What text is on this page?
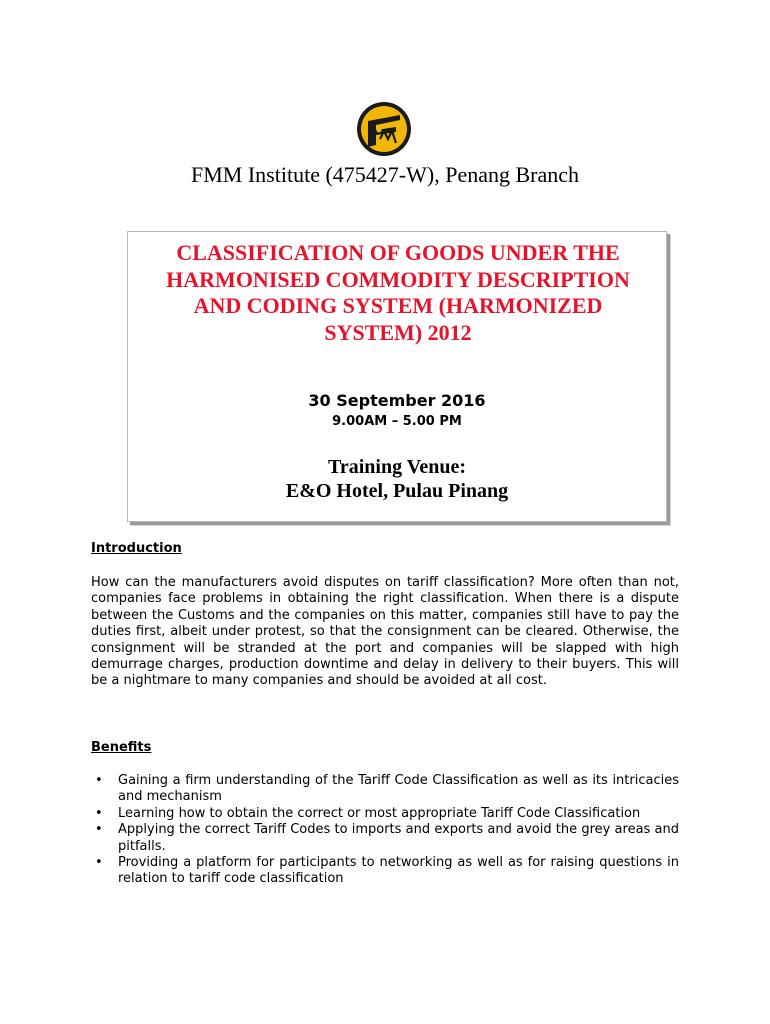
FMM Institute (475427-W), Penang Branch
CLASSIFICATION OF GOODS UNDER THE HARMONISED COMMODITY DESCRIPTION AND CODING SYSTEM (HARMONIZED SYSTEM) 2012
30 September 2016
9.00AM – 5.00 PM
Training Venue:
E&O Hotel, Pulau Pinang
Introduction

How can the manufacturers avoid disputes on tariff classification? More often than not, companies face problems in obtaining the right classification. When there is a dispute between the Customs and the companies on this matter, companies still have to pay the duties first, albeit under protest, so that the consignment can be cleared. Otherwise, the consignment will be stranded at the port and companies will be slapped with high demurrage charges, production downtime and delay in delivery to their buyers. This will be a nightmare to many companies and should be avoided at all cost.

Benefits
• Gaining a firm understanding of the Tariff Code Classification as well as its intricacies and mechanism
• Learning how to obtain the correct or most appropriate Tariff Code Classification
• Applying the correct Tariff Codes to imports and exports and avoid the grey areas and pitfalls.
• Providing a platform for participants to networking as well as for raising questions in relation to tariff code classification
